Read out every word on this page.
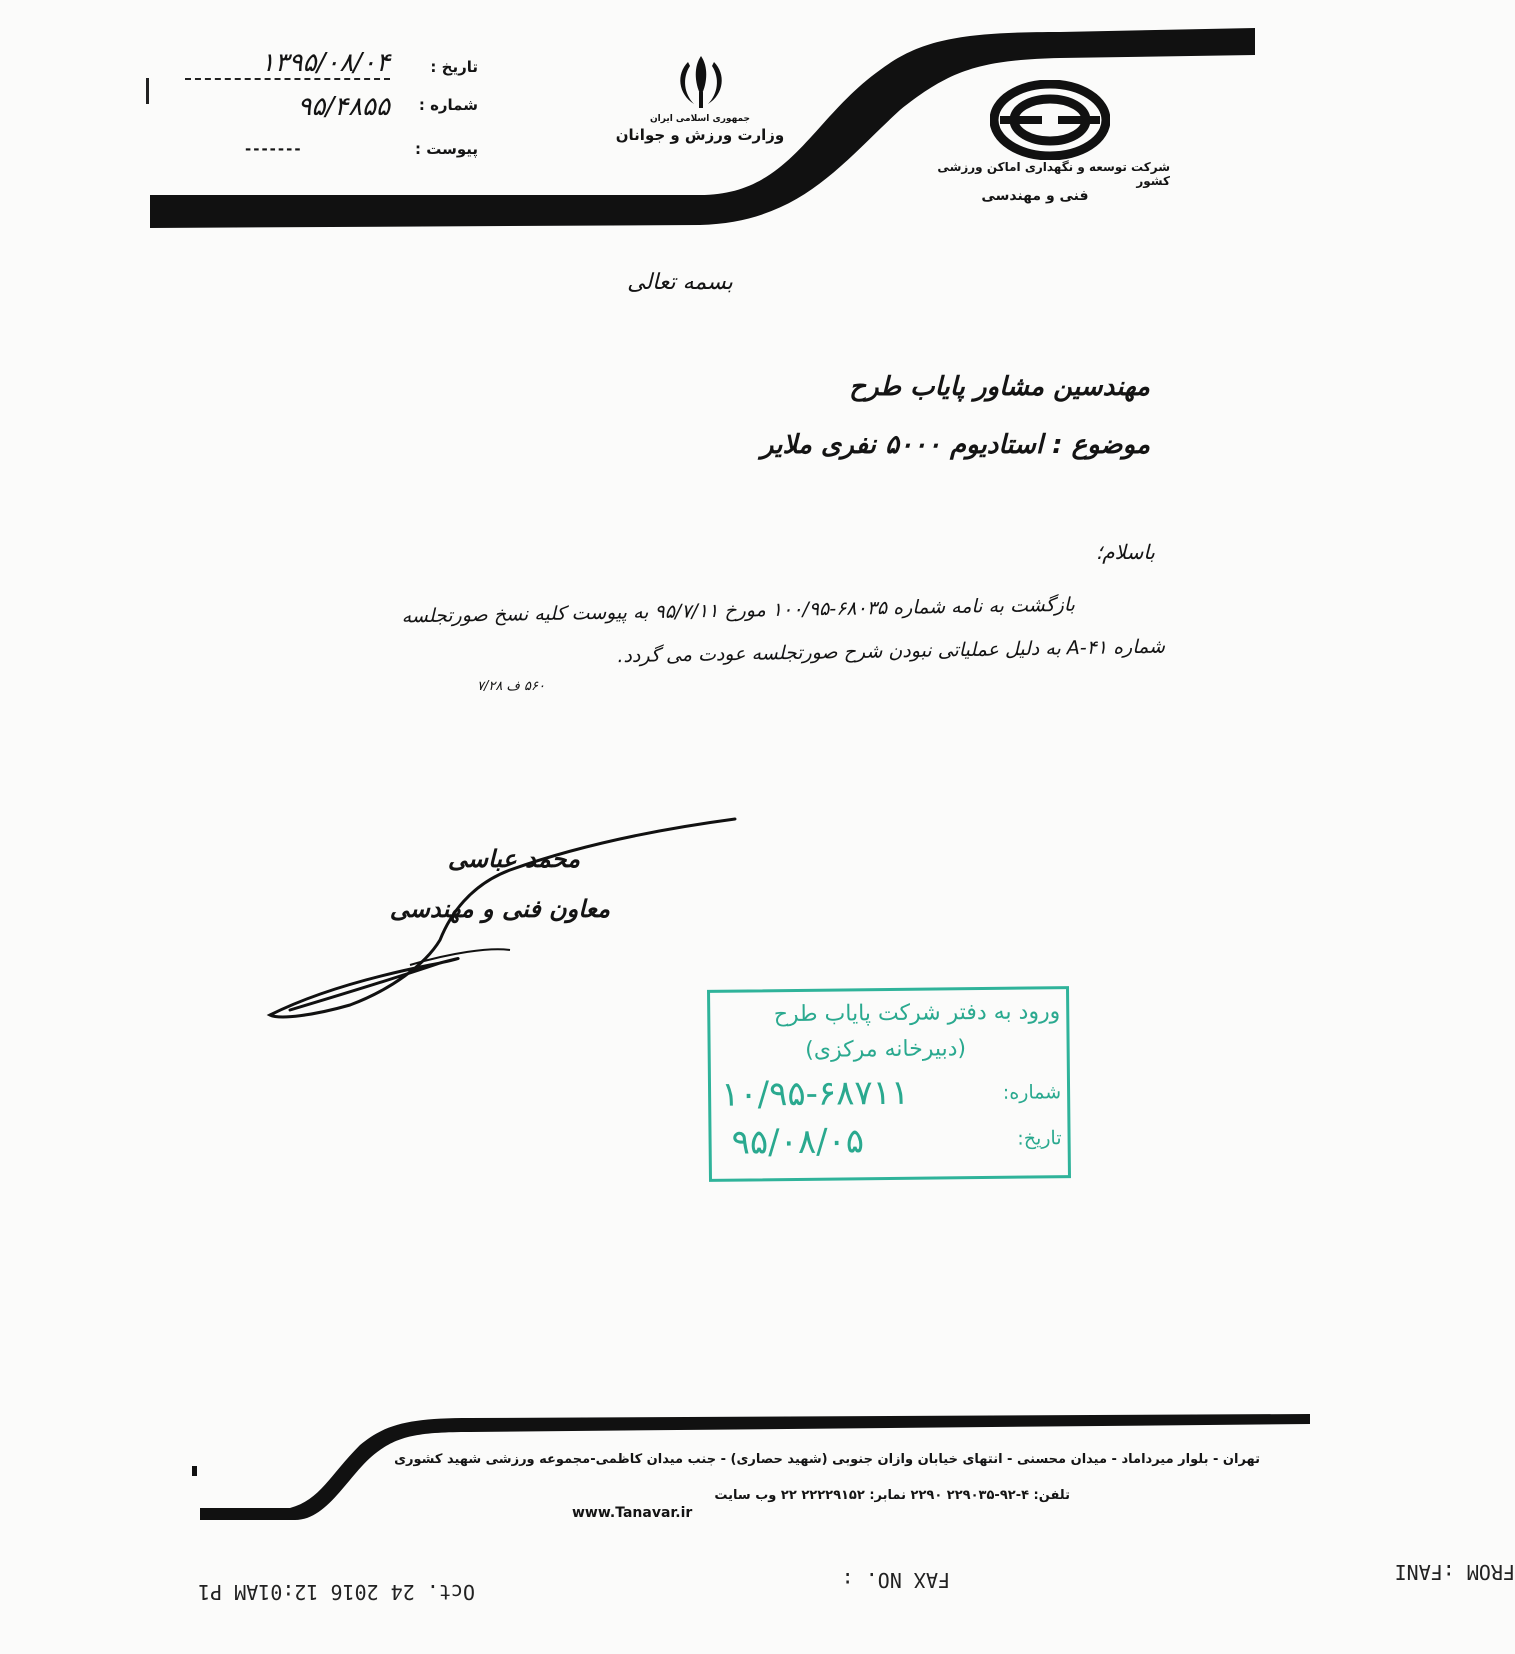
تاریخ :
۱۳۹۵/۰۸/۰۴
شماره :
۹۵/۴۸۵۵
پیوست :
-------
جمهوری اسلامی ایران
وزارت ورزش و جوانان
شرکت توسعه و نگهداری اماکن ورزشی کشور
فنی و مهندسی
بسمه تعالی
مهندسین مشاور پایاب طرح
موضوع : استادیوم ۵۰۰۰ نفری ملایر
باسلام؛
بازگشت به نامه شماره ۶۸۰۳۵-۱۰۰/۹۵ مورخ ۹۵/۷/۱۱ به پیوست کلیه نسخ صورتجلسه
شماره A-۴۱ به دلیل عملیاتی نبودن شرح صورتجلسه عودت می گردد.
۵۶۰ ف ۷/۲۸
محمد عباسی
معاون فنی و مهندسی
ورود به دفتر شرکت پایاب طرح
(دبیرخانه مرکزی)
شماره:
۱۰/۹۵-۶۸۷۱۱
تاریخ:
۹۵/۰۸/۰۵
تهران - بلوار میرداماد - میدان محسنی - انتهای خیابان وازان جنوبی (شهید حصاری) - جنب میدان کاظمی-مجموعه ورزشی شهید کشوری
تلفن: ۴-۹۲-۲۲۹۰۳۵ ۲۲۹۰ نمابر: ۲۲۲۲۹۱۵۲ ۲۲ وب سایت
www.Tanavar.ir
Oct. 24 2016 12:01AM P1	FAX NO. :	FROM :FANI
